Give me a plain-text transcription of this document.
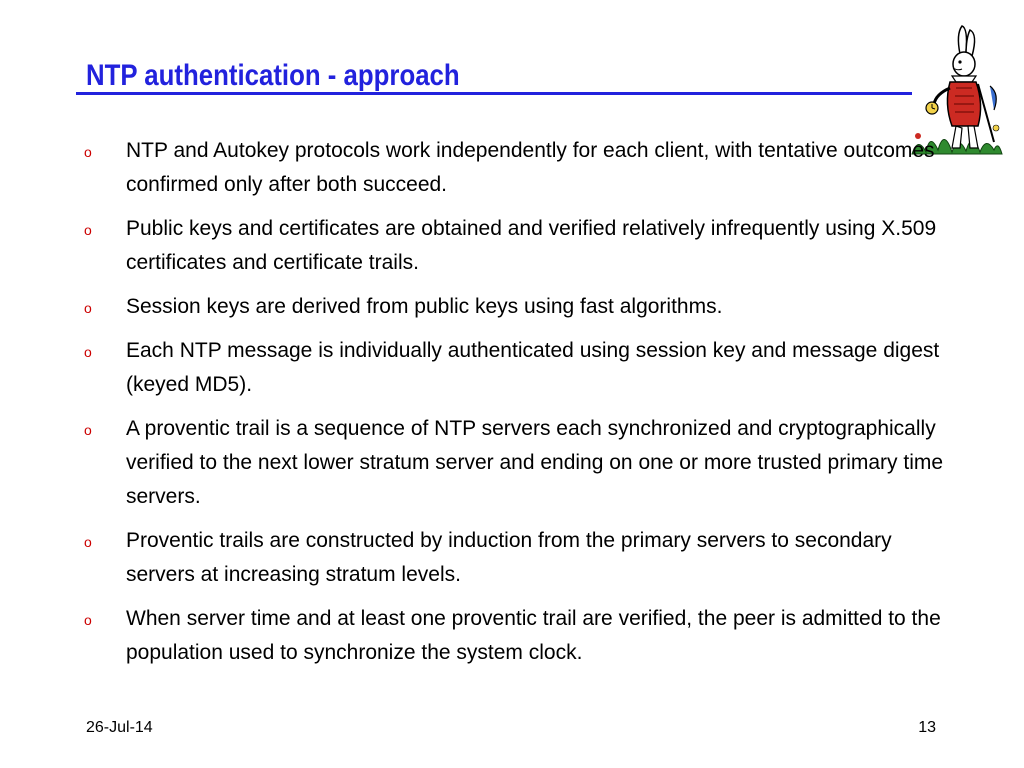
NTP authentication - approach
o NTP and Autokey protocols work independently for each client, with tentative outcomes confirmed only after both succeed.
o Public keys and certificates are obtained and verified relatively infrequently using X.509 certificates and certificate trails.
o Session keys are derived from public keys using fast algorithms.
o Each NTP message is individually authenticated using session key and message digest (keyed MD5).
o A proventic trail is a sequence of NTP servers each synchronized and cryptographically verified to the next lower stratum server and ending on one or more trusted primary time servers.
o Proventic trails are constructed by induction from the primary servers to secondary servers at increasing stratum levels.
o When server time and at least one proventic trail are verified, the peer is admitted to the population used to synchronize the system clock.
26-Jul-14	13
